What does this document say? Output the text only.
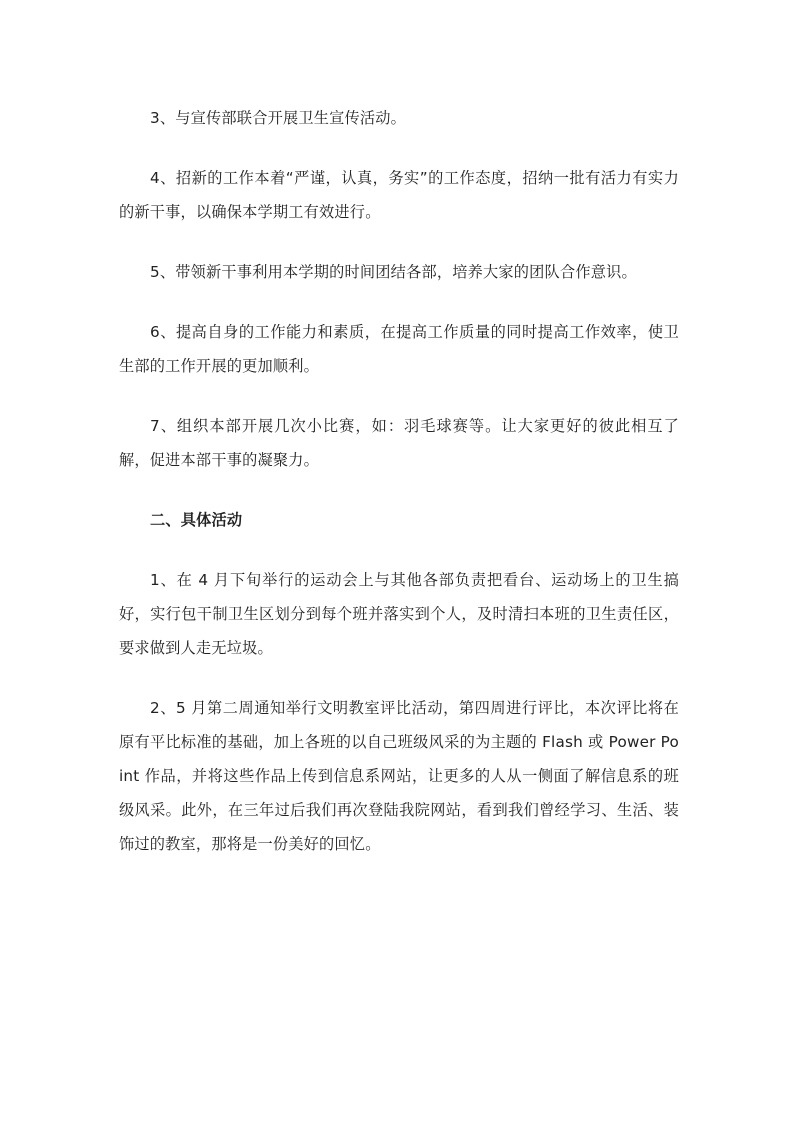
3、与宣传部联合开展卫生宣传活动。

4、招新的工作本着“严谨，认真，务实”的工作态度，招纳一批有活力有实力的新干事，以确保本学期工有效进行。

5、带领新干事利用本学期的时间团结各部，培养大家的团队合作意识。

6、提高自身的工作能力和素质，在提高工作质量的同时提高工作效率，使卫生部的工作开展的更加顺利。

7、组织本部开展几次小比赛，如：羽毛球赛等。让大家更好的彼此相互了解，促进本部干事的凝聚力。

二、具体活动

1、在 4 月下旬举行的运动会上与其他各部负责把看台、运动场上的卫生搞好，实行包干制卫生区划分到每个班并落实到个人，及时清扫本班的卫生责任区，要求做到人走无垃圾。

2、5 月第二周通知举行文明教室评比活动，第四周进行评比，本次评比将在原有平比标准的基础，加上各班的以自己班级风采的为主题的 Flash 或 Power Point 作品，并将这些作品上传到信息系网站，让更多的人从一侧面了解信息系的班级风采。此外，在三年过后我们再次登陆我院网站，看到我们曾经学习、生活、装饰过的教室，那将是一份美好的回忆。
